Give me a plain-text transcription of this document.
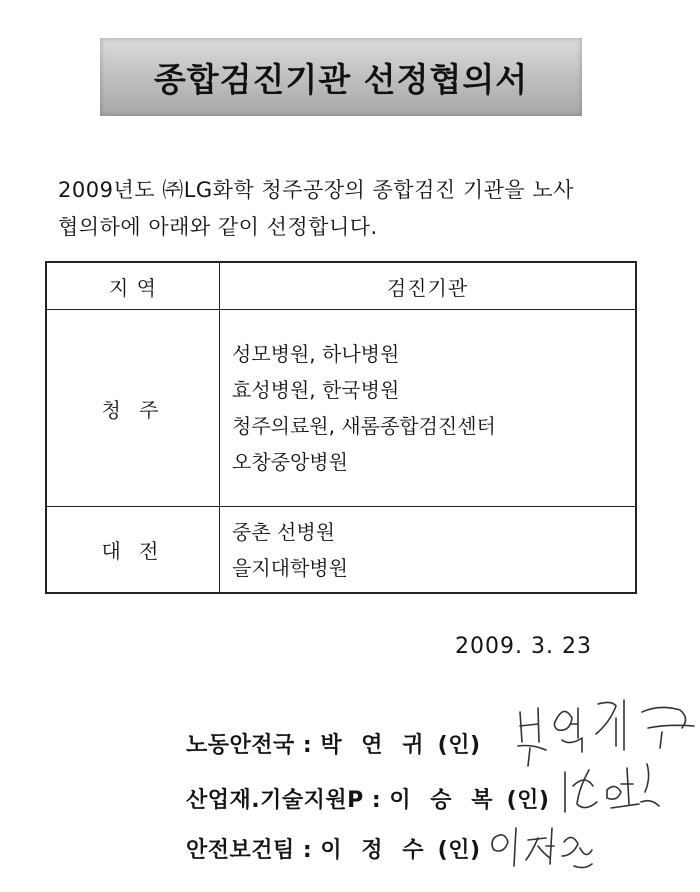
종합검진기관 선정협의서
2009년도 ㈜LG화학 청주공장의 종합검진 기관을 노사
협의하에 아래와 같이 선정합니다.
지 역	검진기관
청 주	성모병원, 하나병원
효성병원, 한국병원
청주의료원, 새롬종합검진센터
오창중앙병원

대 전	중촌 선병원
을지대학병원
2009. 3. 23
노동안전국 : 박 연 귀 (인)
산업재.기술지원P : 이 승 복 (인)
안전보건팀 : 이 정 수 (인)
